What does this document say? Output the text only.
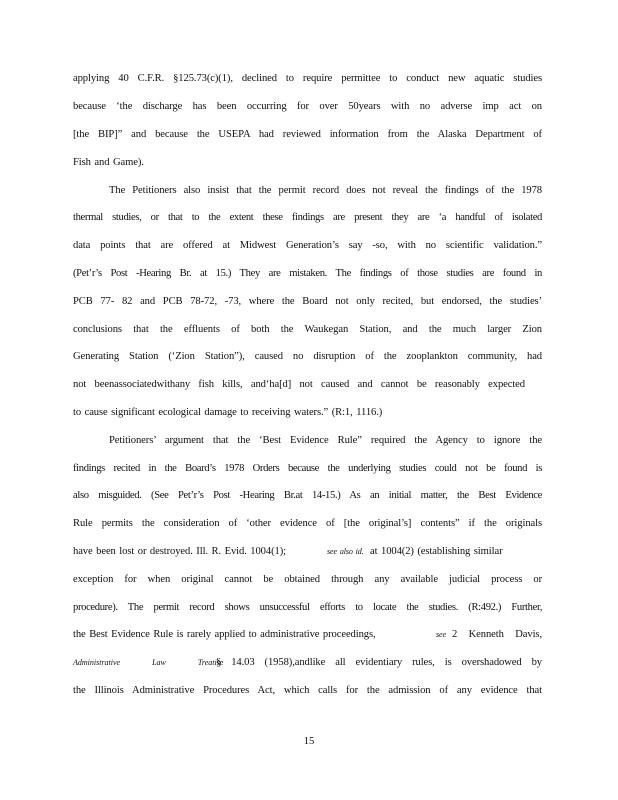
applying 40 C.F.R. §125.73(c)(1), declined to require permittee to conduct new aquatic studies
because ‘the discharge has been occurring for over 50years with no adverse imp act on
[the BIP]” and because the USEPA had reviewed information from the Alaska Department of
Fish and Game).
The Petitioners also insist that the permit record does not reveal the findings of the 1978
thermal studies, or that to the extent these findings are present they are ‘a handful of isolated
data points that are offered at Midwest Generation’s say -so, with no scientific validation.”
(Pet’r’s Post -Hearing Br. at 15.) They are mistaken. The findings of those studies are found in
PCB 77- 82 and PCB 78-72, -73, where the Board not only recited, but endorsed, the studies’
conclusions that the effluents of both the Waukegan Station, and the much larger Zion
Generating Station (‘Zion Station”), caused no disruption of the zooplankton community, had
not beenassociatedwithany fish kills, and‘ha[d] not caused and cannot be reasonably expected
to cause significant ecological damage to receiving waters.” (R:1, 1116.)
Petitioners’ argument that the ‘Best Evidence Rule” required the Agency to ignore the
findings recited in the Board’s 1978 Orders because the underlying studies could not be found is
also misguided. (See Pet’r’s Post -Hearing Br.at 14-15.) As an initial matter, the Best Evidence
Rule permits the consideration of ‘other evidence of [the original’s] contents” if the originals
have been lost or destroyed. Ill. R. Evid. 1004(1);	see also id. at 1004(2) (establishing similar
exception for when original cannot be obtained through any available judicial process or
procedure). The permit record shows unsuccessful efforts to locate the studies. (R:492.) Further,
the Best Evidence Rule is rarely applied to administrative proceedings,	see 2 Kenneth Davis,
Administrative Law Treatise
§ 14.03 (1958),andlike all evidentiary rules, is overshadowed by
the Illinois Administrative Procedures Act, which calls for the admission of any evidence that
15
